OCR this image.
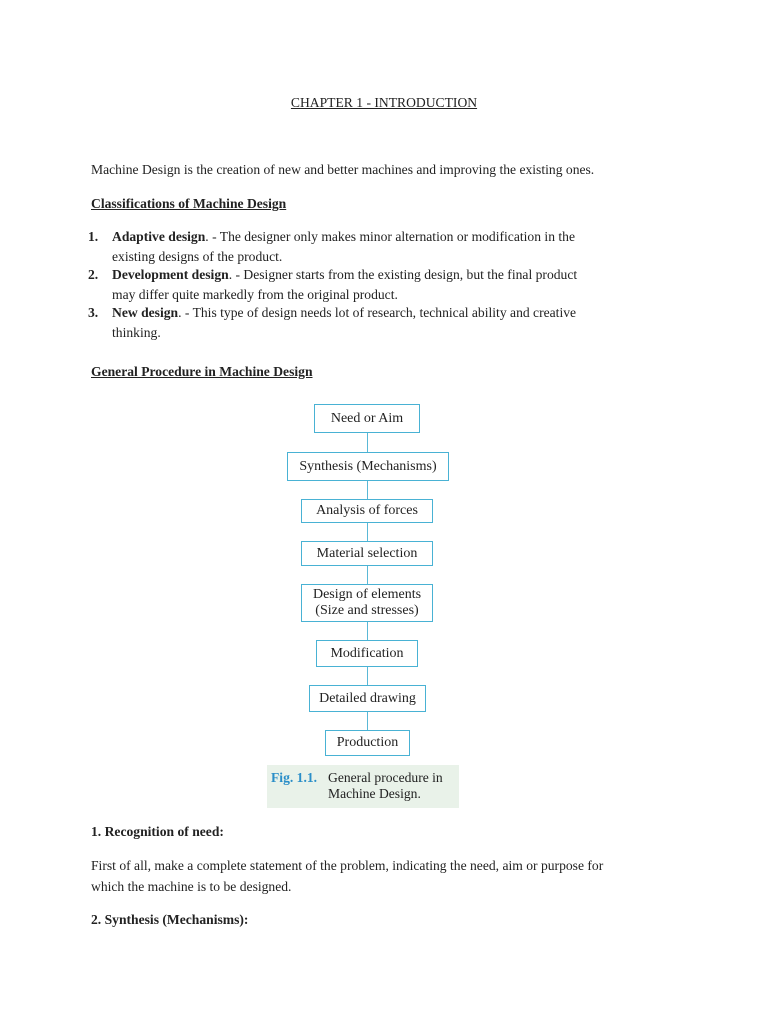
CHAPTER 1 - INTRODUCTION
Machine Design is the creation of new and better machines and improving the existing ones.
Classifications of Machine Design
1. Adaptive design. - The designer only makes minor alternation or modification in the
existing designs of the product.
2. Development design. - Designer starts from the existing design, but the final product
may differ quite markedly from the original product.
3. New design. - This type of design needs lot of research, technical ability and creative
thinking.
General Procedure in Machine Design
Need or Aim
Synthesis (Mechanisms)
Analysis of forces
Material selection
Design of elements
(Size and stresses)
Modification
Detailed drawing
Production
Fig. 1.1. General procedure in
Machine Design.
1. Recognition of need:
First of all, make a complete statement of the problem, indicating the need, aim or purpose for
which the machine is to be designed.
2. Synthesis (Mechanisms):
